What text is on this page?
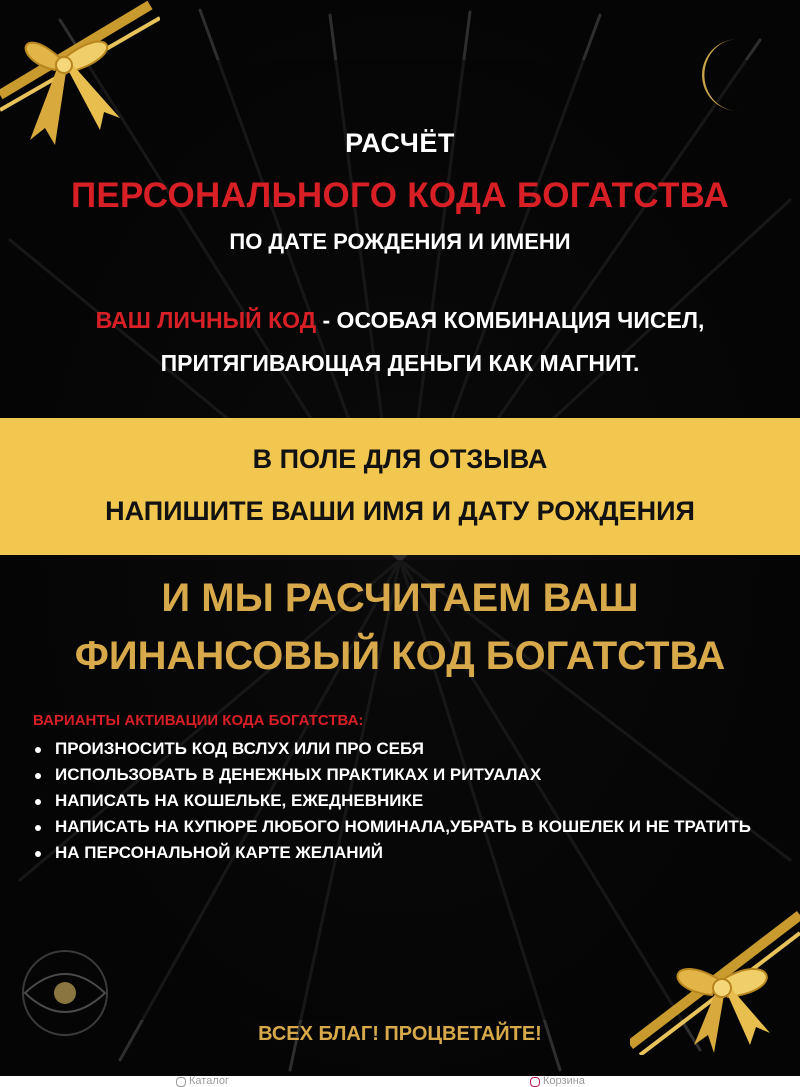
РАСЧЁТ
ПЕРСОНАЛЬНОГО КОДА БОГАТСТВА
ПО ДАТЕ РОЖДЕНИЯ И ИМЕНИ
ВАШ ЛИЧНЫЙ КОД - ОСОБАЯ КОМБИНАЦИЯ ЧИСЕЛ,
ПРИТЯГИВАЮЩАЯ ДЕНЬГИ КАК МАГНИТ.
В ПОЛЕ ДЛЯ ОТЗЫВА
НАПИШИТЕ ВАШИ ИМЯ И ДАТУ РОЖДЕНИЯ
И МЫ РАСЧИТАЕМ ВАШ
ФИНАНСОВЫЙ КОД БОГАТСТВА
ВАРИАНТЫ АКТИВАЦИИ КОДА БОГАТСТВА:
ПРОИЗНОСИТЬ КОД ВСЛУХ ИЛИ ПРО СЕБЯ
ИСПОЛЬЗОВАТЬ В ДЕНЕЖНЫХ ПРАКТИКАХ И РИТУАЛАХ
НАПИСАТЬ НА КОШЕЛЬКЕ, ЕЖЕДНЕВНИКЕ
НАПИСАТЬ НА КУПЮРЕ ЛЮБОГО НОМИНАЛА,УБРАТЬ В КОШЕЛЕК И НЕ ТРАТИТЬ
НА ПЕРСОНАЛЬНОЙ КАРТЕ ЖЕЛАНИЙ
ВСЕХ БЛАГ! ПРОЦВЕТАЙТЕ!
Каталог	Корзина
